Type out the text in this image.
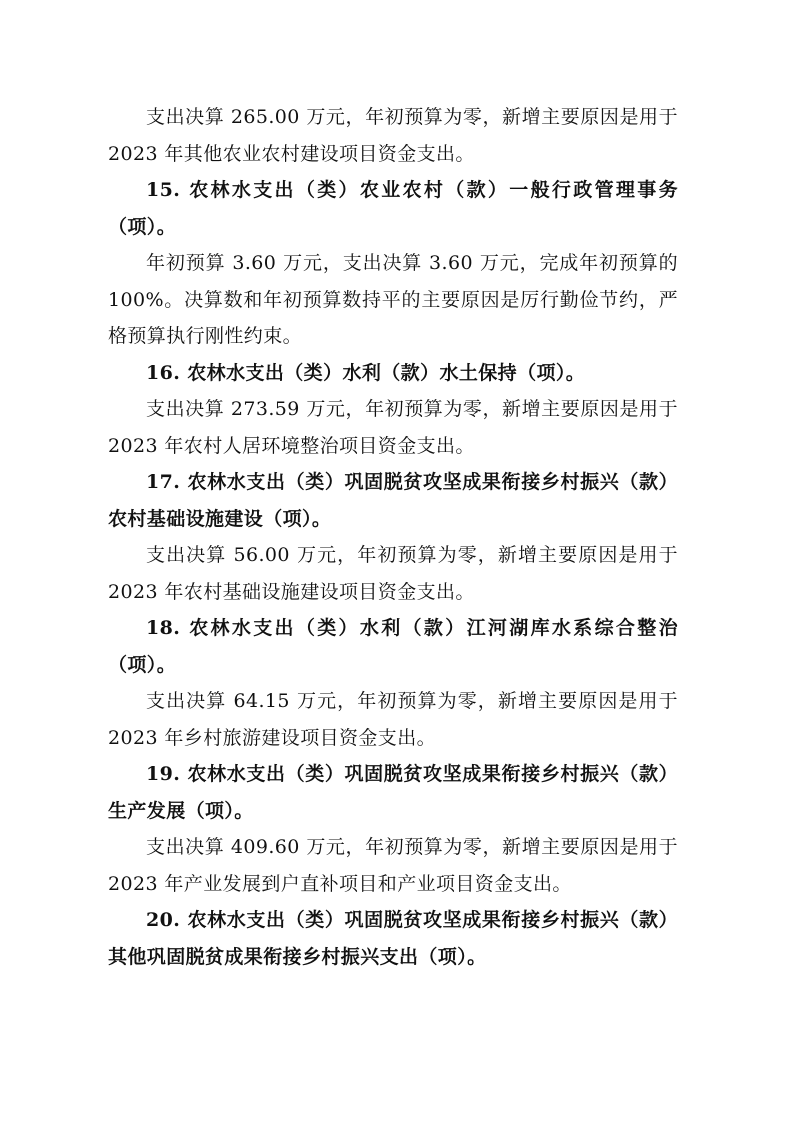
支出决算 265.00 万元，年初预算为零，新增主要原因是用于 2023 年其他农业农村建设项目资金支出。

15. 农林水支出（类）农业农村（款）一般行政管理事务（项）。

年初预算 3.60 万元，支出决算 3.60 万元，完成年初预算的 100%。决算数和年初预算数持平的主要原因是厉行勤俭节约，严格预算执行刚性约束。

16. 农林水支出（类）水利（款）水土保持（项）。

支出决算 273.59 万元，年初预算为零，新增主要原因是用于 2023 年农村人居环境整治项目资金支出。

17. 农林水支出（类）巩固脱贫攻坚成果衔接乡村振兴（款）农村基础设施建设（项）。

支出决算 56.00 万元，年初预算为零，新增主要原因是用于 2023 年农村基础设施建设项目资金支出。

18. 农林水支出（类）水利（款）江河湖库水系综合整治（项）。

支出决算 64.15 万元，年初预算为零，新增主要原因是用于 2023 年乡村旅游建设项目资金支出。

19. 农林水支出（类）巩固脱贫攻坚成果衔接乡村振兴（款）生产发展（项）。

支出决算 409.60 万元，年初预算为零，新增主要原因是用于 2023 年产业发展到户直补项目和产业项目资金支出。

20. 农林水支出（类）巩固脱贫攻坚成果衔接乡村振兴（款）其他巩固脱贫成果衔接乡村振兴支出（项）。
